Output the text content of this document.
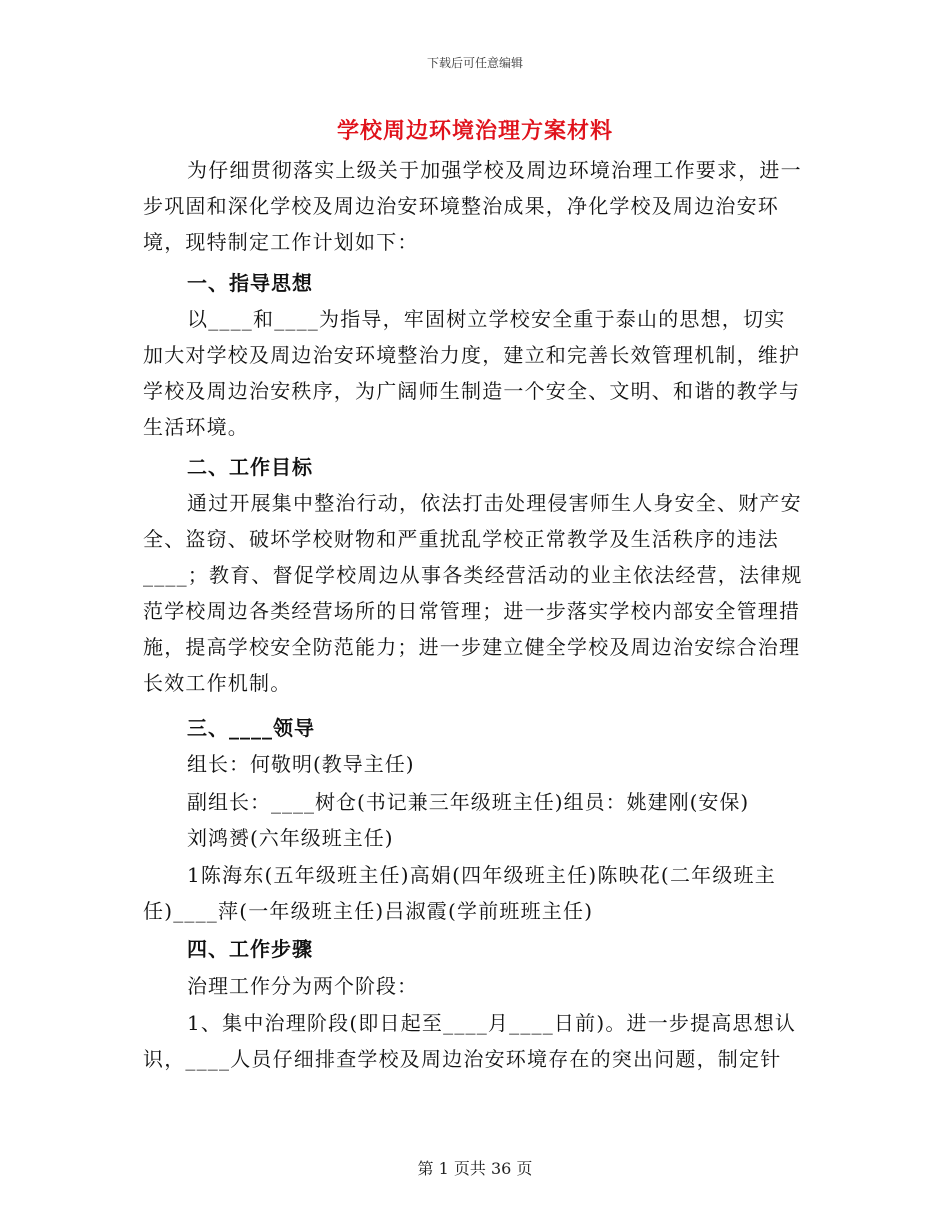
下载后可任意编辑
学校周边环境治理方案材料

为仔细贯彻落实上级关于加强学校及周边环境治理工作要求，进一步巩固和深化学校及周边治安环境整治成果，净化学校及周边治安环境，现特制定工作计划如下：

一、指导思想

以____和____为指导，牢固树立学校安全重于泰山的思想，切实加大对学校及周边治安环境整治力度，建立和完善长效管理机制，维护学校及周边治安秩序，为广阔师生制造一个安全、文明、和谐的教学与生活环境。

二、工作目标

通过开展集中整治行动，依法打击处理侵害师生人身安全、财产安全、盗窃、破坏学校财物和严重扰乱学校正常教学及生活秩序的违法____；教育、督促学校周边从事各类经营活动的业主依法经营，法律规范学校周边各类经营场所的日常管理；进一步落实学校内部安全管理措施，提高学校安全防范能力；进一步建立健全学校及周边治安综合治理长效工作机制。

三、____领导

组长：何敬明(教导主任)

副组长：____树仓(书记兼三年级班主任)组员：姚建刚(安保)

刘鸿赟(六年级班主任)

1陈海东(五年级班主任)高娟(四年级班主任)陈映花(二年级班主任)____萍(一年级班主任)吕淑霞(学前班班主任)

四、工作步骤

治理工作分为两个阶段：

1、集中治理阶段(即日起至____月____日前)。进一步提高思想认识，____人员仔细排查学校及周边治安环境存在的突出问题，制定针

第 1 页共 36 页
